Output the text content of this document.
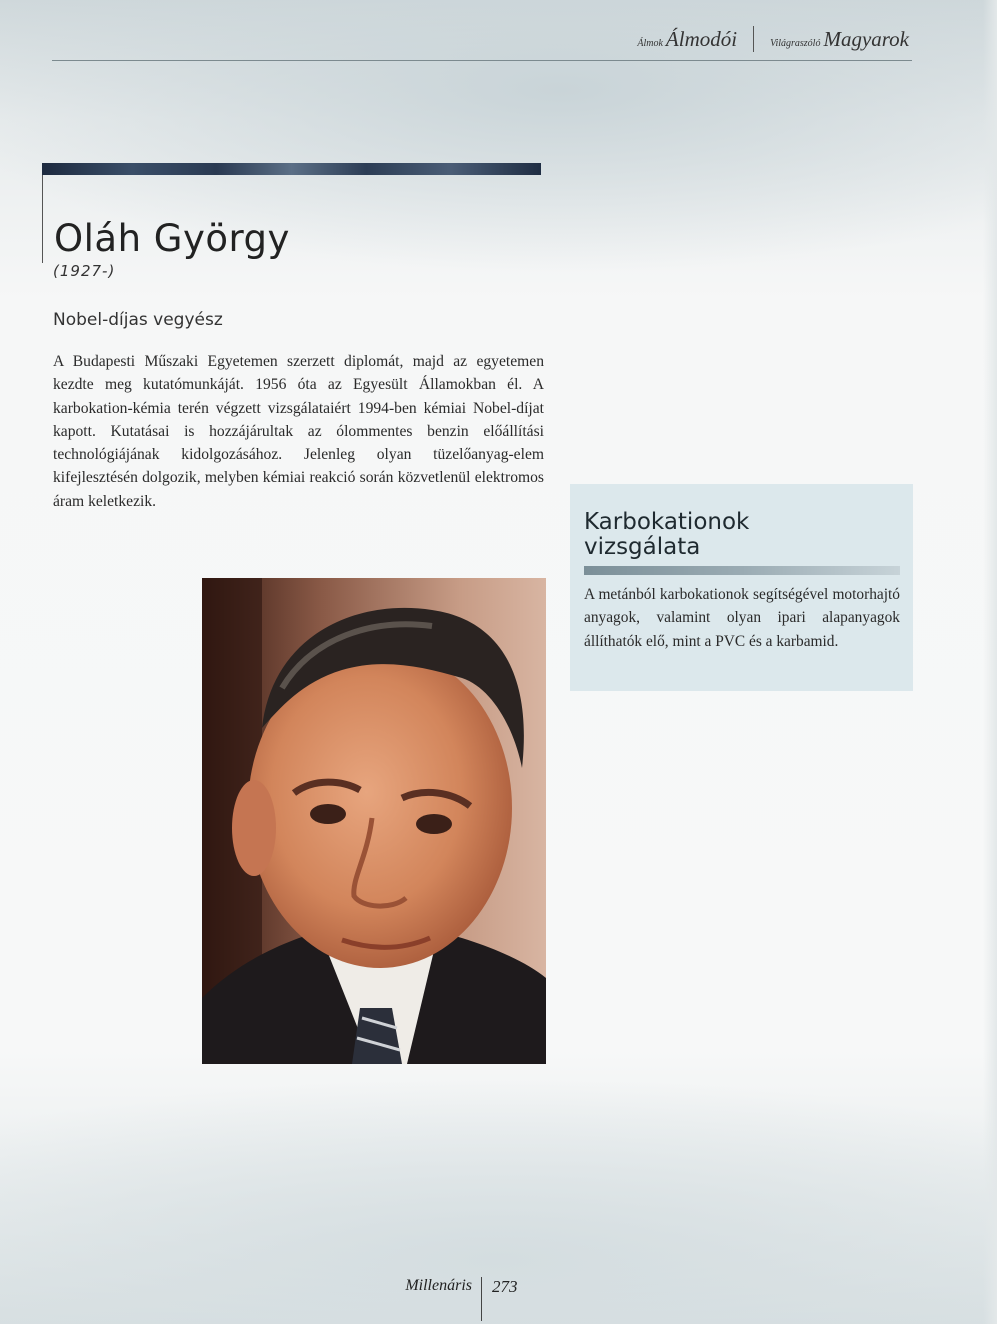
Álmok Álmodói	Világraszóló Magyarok
Oláh György
(1927-)
Nobel-díjas vegyész
A Budapesti Műszaki Egyetemen szerzett diplomát, majd az egyetemen kezdte meg kutatómunkáját. 1956 óta az Egyesült Államokban él. A karbokation-kémia terén végzett vizsgálataiért 1994-ben kémiai Nobel-díjat kapott. Kutatásai is hozzájárultak az ólommentes benzin előállítási technológiájának kidolgozásához. Jelenleg olyan tüzelőanyag-elem kifejlesztésén dolgozik, melyben kémiai reakció során közvetlenül elektromos áram keletkezik.
Karbokationok
vizsgálata
A metánból karbokationok segítségével motorhajtó anyagok, valamint olyan ipari alapanyagok állíthatók elő, mint a PVC és a karbamid.
Millenáris 273
